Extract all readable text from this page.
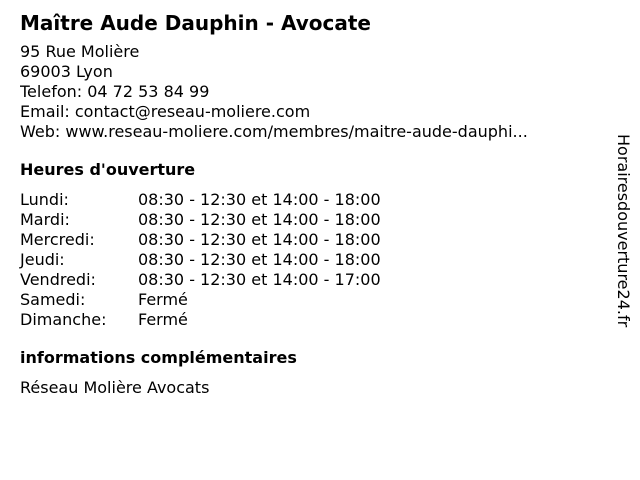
Maître Aude Dauphin - Avocate
95 Rue Molière
69003 Lyon
Telefon: 04 72 53 84 99
Email: contact@reseau-moliere.com
Web: www.reseau-moliere.com/membres/maitre-aude-dauphi...
Heures d'ouverture
Lundi:	08:30 - 12:30 et 14:00 - 18:00
Mardi:	08:30 - 12:30 et 14:00 - 18:00
Mercredi:	08:30 - 12:30 et 14:00 - 18:00
Jeudi:	08:30 - 12:30 et 14:00 - 18:00
Vendredi:	08:30 - 12:30 et 14:00 - 17:00
Samedi:	Fermé
Dimanche:	Fermé
informations complémentaires
Réseau Molière Avocats
Horairesdouverture24.fr
